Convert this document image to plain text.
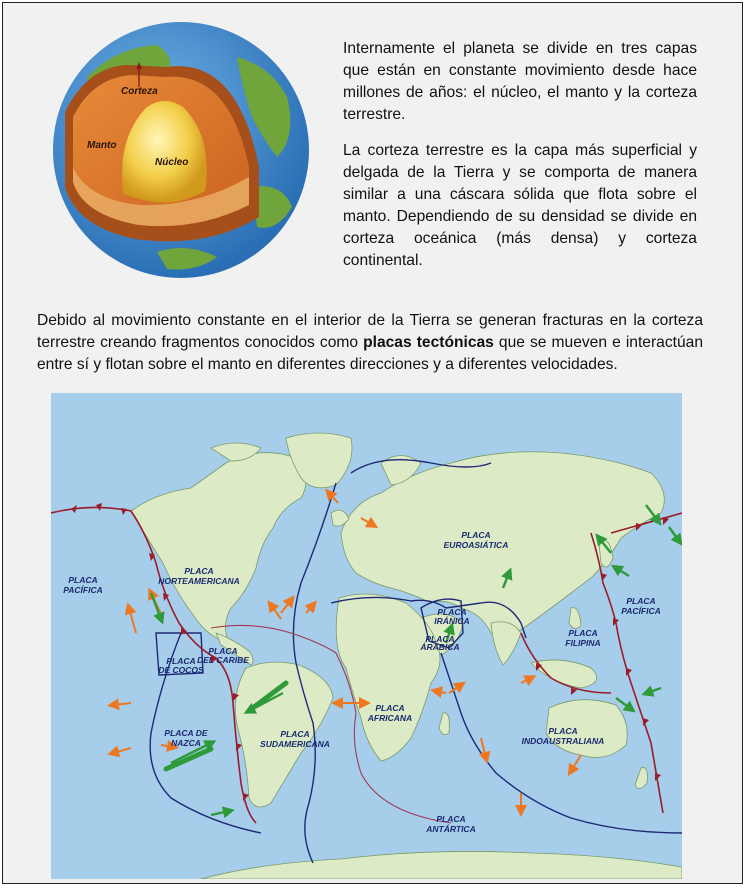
Corteza
Manto
Núcleo

Internamente el planeta se divide en tres capas que están en constante movimiento desde hace millones de años: el núcleo, el manto y la corteza terrestre.

La corteza terrestre es la capa más superficial y delgada de la Tierra y se comporta de manera similar a una cáscara sólida que flota sobre el manto. Dependiendo de su densidad se divide en corteza oceánica (más densa) y corteza continental.

Debido al movimiento constante en el interior de la Tierra se generan fracturas en la corteza terrestre creando fragmentos conocidos como placas tectónicas que se mueven e interactúan entre sí y flotan sobre el manto en diferentes direcciones y a diferentes velocidades.
PLACA PACÍFICA
PLACA NORTEAMERICANA
PLACA EUROASIÁTICA
PLACA PACÍFICA
PLACA IRÁNICA
PLACA ÁRABICA
PLACA FILIPINA
PLACA DE COCOS
PLACA DEL CARIBE
PLACA DE NAZCA
PLACA SUDAMERICANA
PLACA AFRICANA
PLACA INDOAUSTRALIANA
PLACA ANTÁRTICA
